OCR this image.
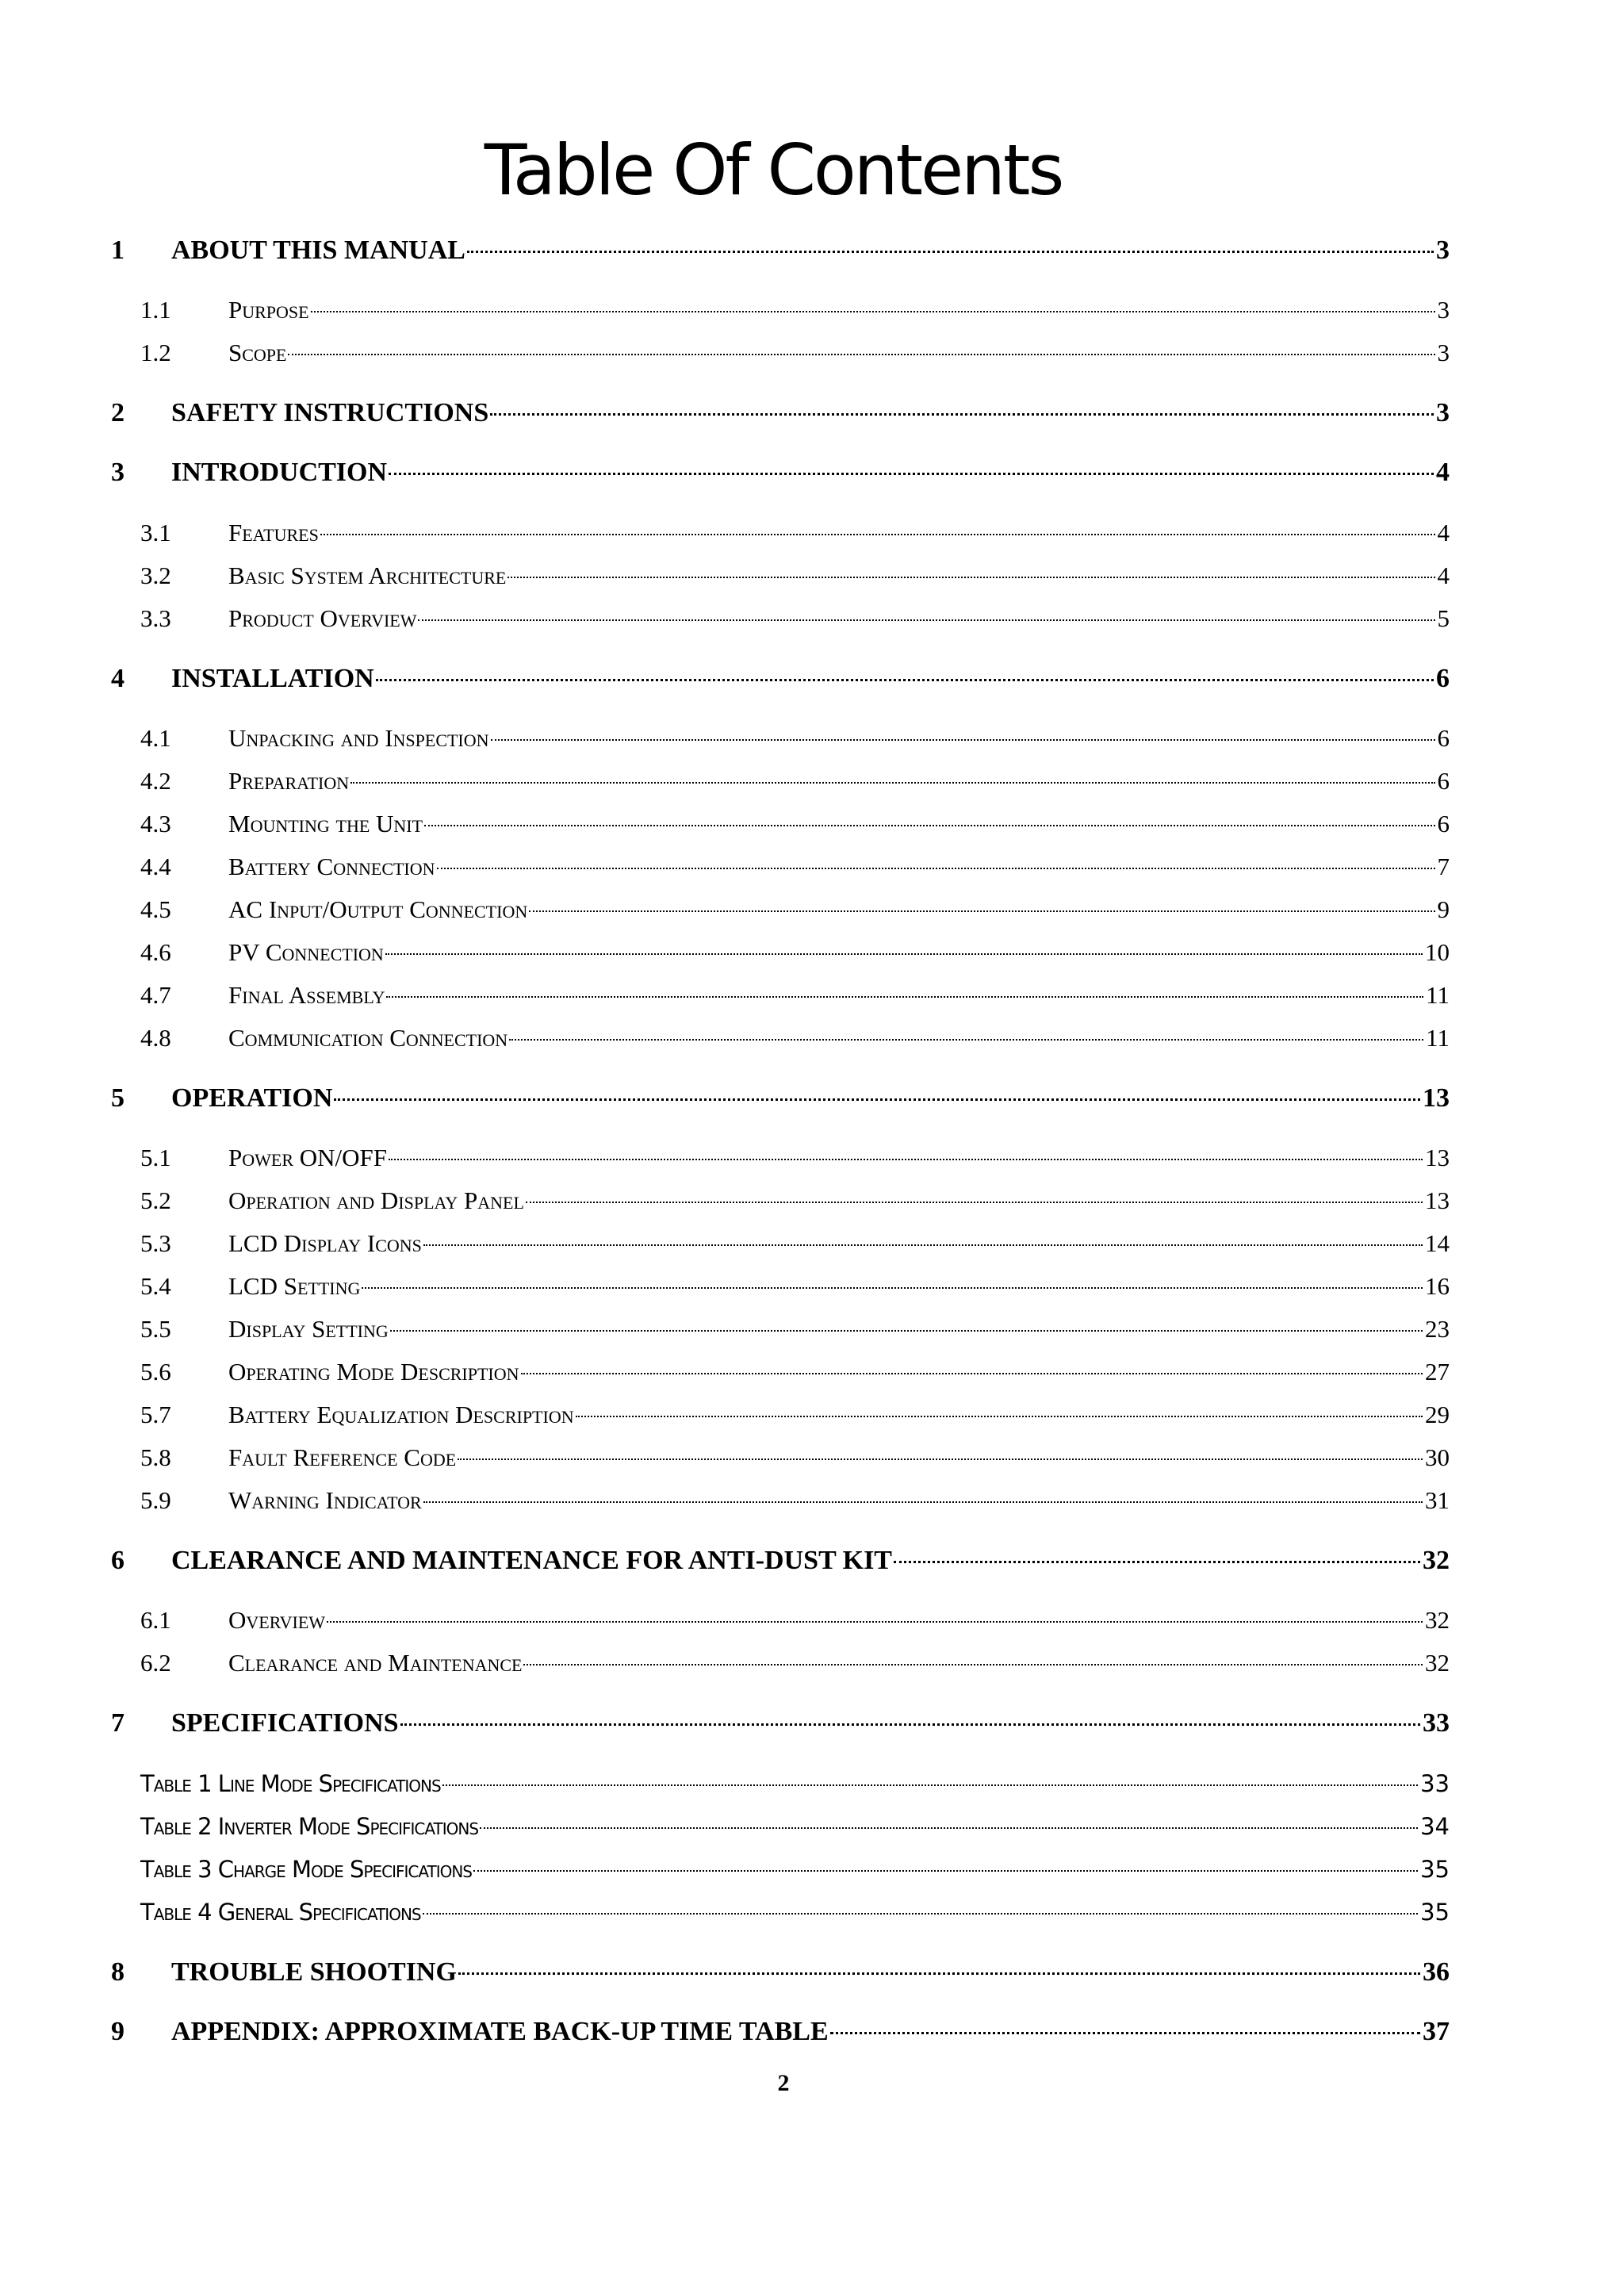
Table Of Contents
1	ABOUT THIS MANUAL	3
1.1	Purpose	3
1.2	Scope	3
2	SAFETY INSTRUCTIONS	3
3	INTRODUCTION	4
3.1	Features	4
3.2	Basic System Architecture	4
3.3	Product Overview	5
4	INSTALLATION	6
4.1	Unpacking and Inspection	6
4.2	Preparation	6
4.3	Mounting the Unit	6
4.4	Battery Connection	7
4.5	AC Input/Output Connection	9
4.6	PV Connection	10
4.7	Final Assembly	11
4.8	Communication Connection	11
5	OPERATION	13
5.1	Power ON/OFF	13
5.2	Operation and Display Panel	13
5.3	LCD Display Icons	14
5.4	LCD Setting	16
5.5	Display Setting	23
5.6	Operating Mode Description	27
5.7	Battery Equalization Description	29
5.8	Fault Reference Code	30
5.9	Warning Indicator	31
6	CLEARANCE AND MAINTENANCE FOR ANTI-DUST KIT	32
6.1	Overview	32
6.2	Clearance and Maintenance	32
7	SPECIFICATIONS	33
Table 1 Line Mode Specifications	33
Table 2 Inverter Mode Specifications	34
Table 3 Charge Mode Specifications	35
Table 4 General Specifications	35
8	TROUBLE SHOOTING	36
9	APPENDIX: APPROXIMATE BACK-UP TIME TABLE	37
2
